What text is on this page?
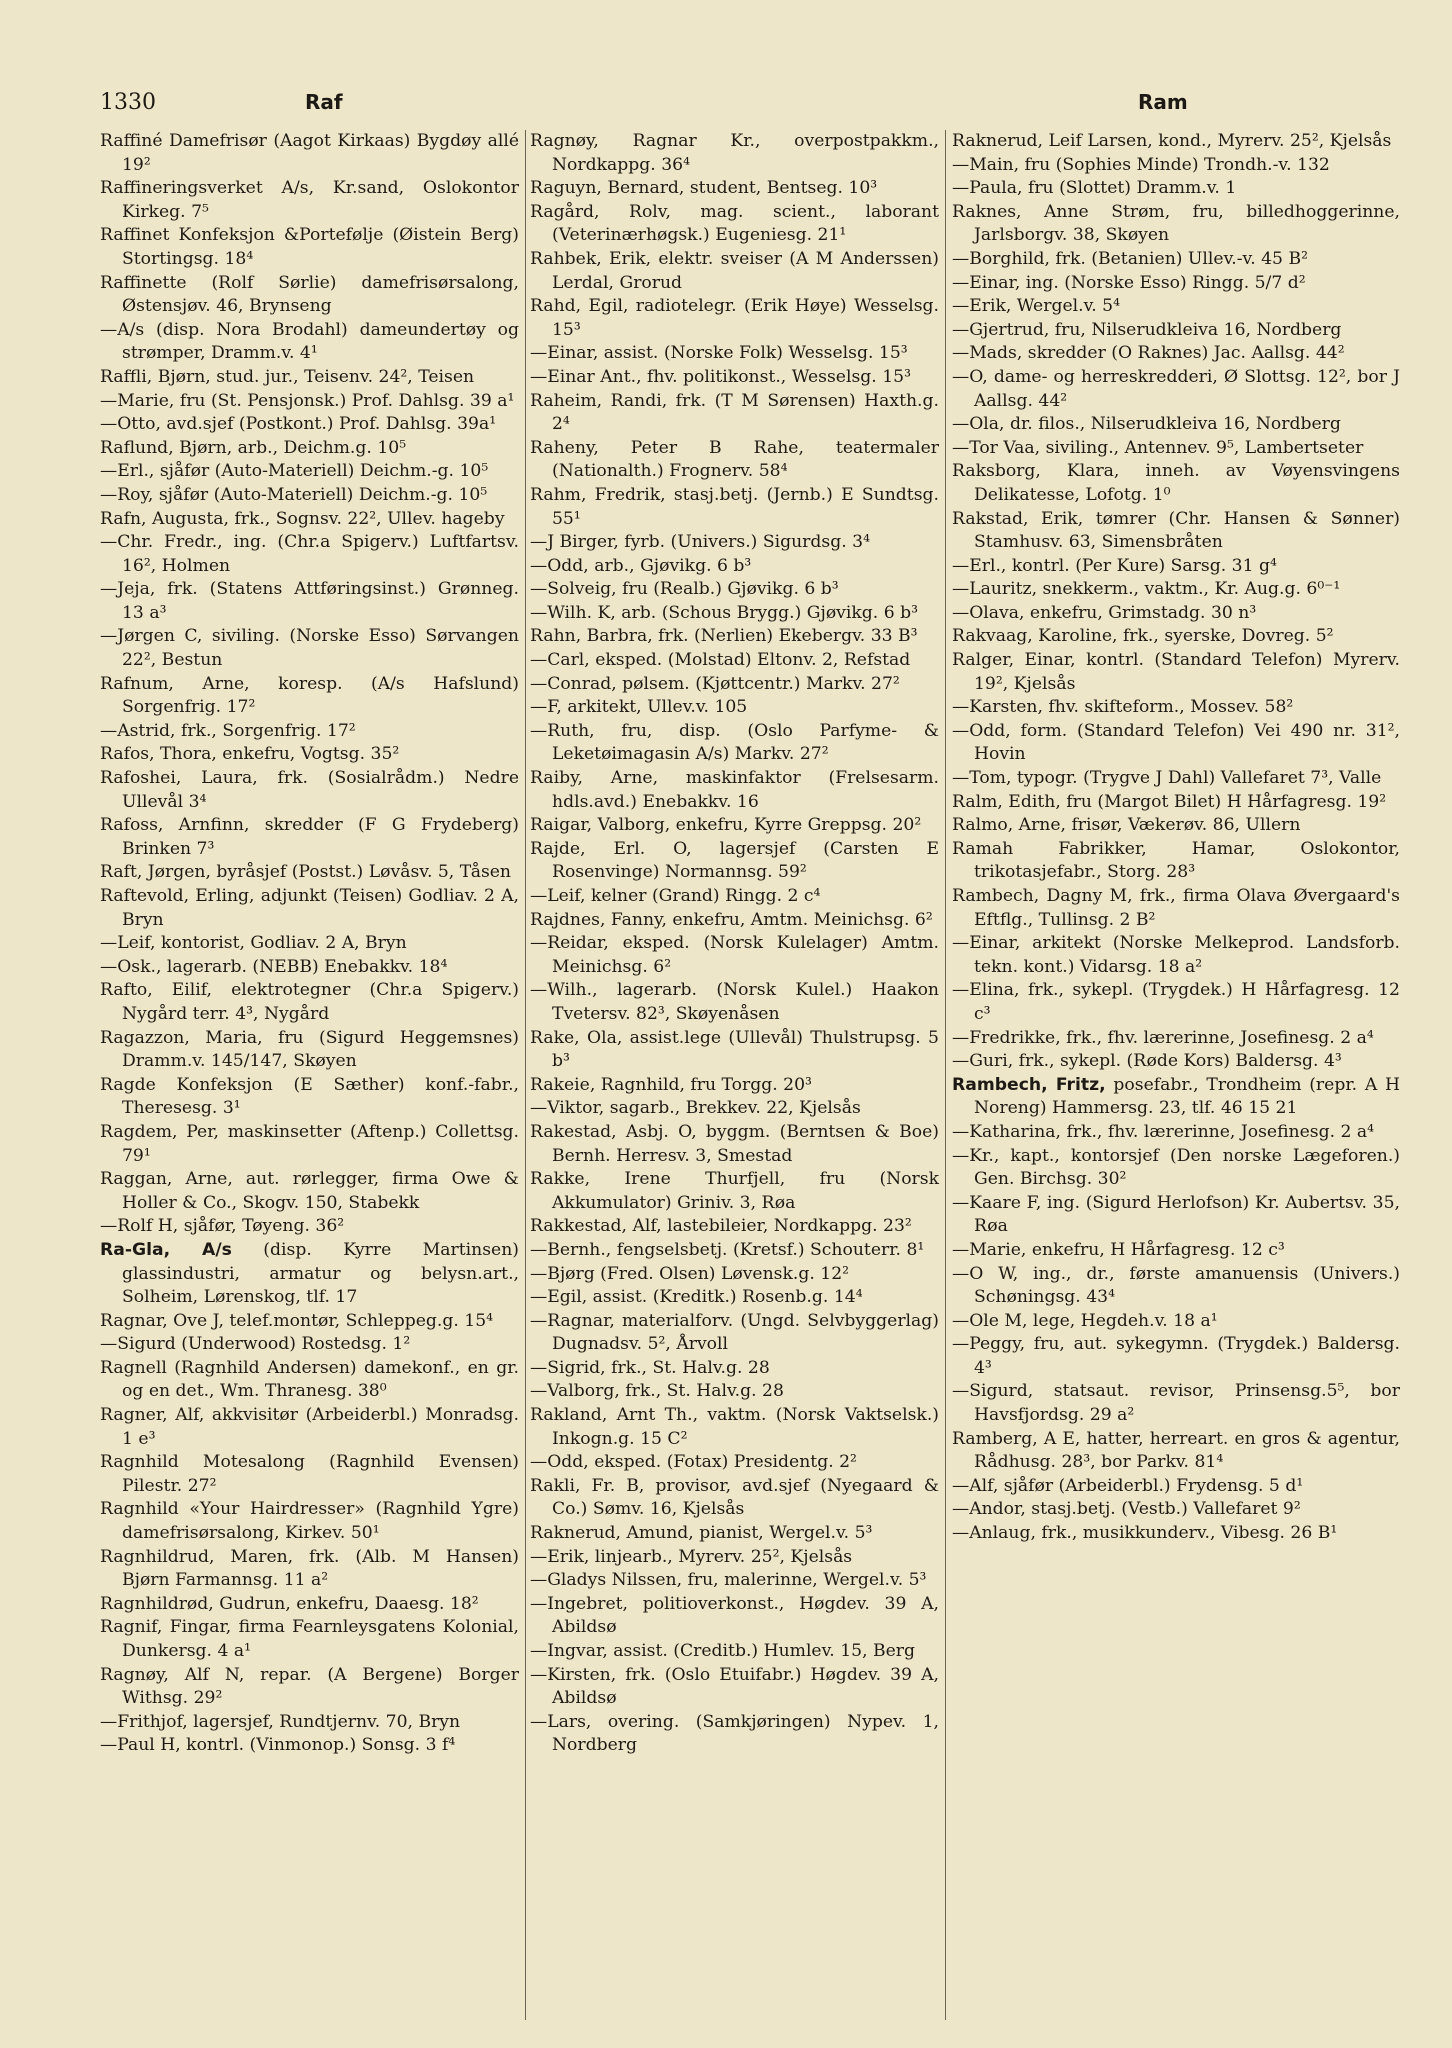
1330	Raf	Ram
Raffiné Damefrisør (Aagot Kirkaas) Bygdøy allé 19²
Raffineringsverket A/s, Kr.sand, Oslokontor Kirkeg. 7⁵
Raffinet Konfeksjon &Portefølje (Øistein Berg) Stortingsg. 18⁴
Raffinette (Rolf Sørlie) damefrisørsalong, Østensjøv. 46, Brynseng
—A/s (disp. Nora Brodahl) dameundertøy og strømper, Dramm.v. 4¹
Raffli, Bjørn, stud. jur., Teisenv. 24², Teisen
—Marie, fru (St. Pensjonsk.) Prof. Dahlsg. 39 a¹
—Otto, avd.sjef (Postkont.) Prof. Dahlsg. 39a¹
Raflund, Bjørn, arb., Deichm.g. 10⁵
—Erl., sjåfør (Auto-Materiell) Deichm.-g. 10⁵
—Roy, sjåfør (Auto-Materiell) Deichm.-g. 10⁵
Rafn, Augusta, frk., Sognsv. 22², Ullev. hageby
—Chr. Fredr., ing. (Chr.a Spigerv.) Luftfartsv. 16², Holmen
—Jeja, frk. (Statens Attføringsinst.) Grønneg. 13 a³
—Jørgen C, siviling. (Norske Esso) Sørvangen 22², Bestun
Rafnum, Arne, koresp. (A/s Hafslund) Sorgenfrig. 17²
—Astrid, frk., Sorgenfrig. 17²
Rafos, Thora, enkefru, Vogtsg. 35²
Rafoshei, Laura, frk. (Sosialrådm.) Nedre Ullevål 3⁴
Rafoss, Arnfinn, skredder (F G Frydeberg) Brinken 7³
Raft, Jørgen, byråsjef (Postst.) Løvåsv. 5, Tåsen
Raftevold, Erling, adjunkt (Teisen) Godliav. 2 A, Bryn
—Leif, kontorist, Godliav. 2 A, Bryn
—Osk., lagerarb. (NEBB) Enebakkv. 18⁴
Rafto, Eilif, elektrotegner (Chr.a Spigerv.) Nygård terr. 4³, Nygård
Ragazzon, Maria, fru (Sigurd Heggemsnes) Dramm.v. 145/147, Skøyen
Ragde Konfeksjon (E Sæther) konf.-fabr., Theresesg. 3¹
Ragdem, Per, maskinsetter (Aftenp.) Collettsg. 79¹
Raggan, Arne, aut. rørlegger, firma Owe & Holler & Co., Skogv. 150, Stabekk
—Rolf H, sjåfør, Tøyeng. 36²
Ra-Gla, A/s (disp. Kyrre Martinsen) glassindustri, armatur og belysn.art., Solheim, Lørenskog, tlf. 17
Ragnar, Ove J, telef.montør, Schleppeg.g. 15⁴
—Sigurd (Underwood) Rostedsg. 1²
Ragnell (Ragnhild Andersen) damekonf., en gr. og en det., Wm. Thranesg. 38⁰
Ragner, Alf, akkvisitør (Arbeiderbl.) Monradsg. 1 e³
Ragnhild Motesalong (Ragnhild Evensen) Pilestr. 27²
Ragnhild «Your Hairdresser» (Ragnhild Ygre) damefrisørsalong, Kirkev. 50¹
Ragnhildrud, Maren, frk. (Alb. M Hansen) Bjørn Farmannsg. 11 a²
Ragnhildrød, Gudrun, enkefru, Daaesg. 18²
Ragnif, Fingar, firma Fearnleysgatens Kolonial, Dunkersg. 4 a¹
Ragnøy, Alf N, repar. (A Bergene) Borger Withsg. 29²
—Frithjof, lagersjef, Rundtjernv. 70, Bryn
—Paul H, kontrl. (Vinmonop.) Sonsg. 3 f⁴
Ragnøy, Ragnar Kr., overpostpakkm., Nordkappg. 36⁴
Raguyn, Bernard, student, Bentseg. 10³
Ragård, Rolv, mag. scient., laborant (Veterinærhøgsk.) Eugeniesg. 21¹
Rahbek, Erik, elektr. sveiser (A M Anderssen) Lerdal, Grorud
Rahd, Egil, radiotelegr. (Erik Høye) Wesselsg. 15³
—Einar, assist. (Norske Folk) Wesselsg. 15³
—Einar Ant., fhv. politikonst., Wesselsg. 15³
Raheim, Randi, frk. (T M Sørensen) Haxth.g. 2⁴
Raheny, Peter B Rahe, teatermaler (Nationalth.) Frognerv. 58⁴
Rahm, Fredrik, stasj.betj. (Jernb.) E Sundtsg. 55¹
—J Birger, fyrb. (Univers.) Sigurdsg. 3⁴
—Odd, arb., Gjøvikg. 6 b³
—Solveig, fru (Realb.) Gjøvikg. 6 b³
—Wilh. K, arb. (Schous Brygg.) Gjøvikg. 6 b³
Rahn, Barbra, frk. (Nerlien) Ekebergv. 33 B³
—Carl, eksped. (Molstad) Eltonv. 2, Refstad
—Conrad, pølsem. (Kjøttcentr.) Markv. 27²
—F, arkitekt, Ullev.v. 105
—Ruth, fru, disp. (Oslo Parfyme- & Leketøimagasin A/s) Markv. 27²
Raiby, Arne, maskinfaktor (Frelsesarm. hdls.avd.) Enebakkv. 16
Raigar, Valborg, enkefru, Kyrre Greppsg. 20²
Rajde, Erl. O, lagersjef (Carsten E Rosenvinge) Normannsg. 59²
—Leif, kelner (Grand) Ringg. 2 c⁴
Rajdnes, Fanny, enkefru, Amtm. Meinichsg. 6²
—Reidar, eksped. (Norsk Kulelager) Amtm. Meinichsg. 6²
—Wilh., lagerarb. (Norsk Kulel.) Haakon Tvetersv. 82³, Skøyenåsen
Rake, Ola, assist.lege (Ullevål) Thulstrupsg. 5 b³
Rakeie, Ragnhild, fru Torgg. 20³
—Viktor, sagarb., Brekkev. 22, Kjelsås
Rakestad, Asbj. O, byggm. (Berntsen & Boe) Bernh. Herresv. 3, Smestad
Rakke, Irene Thurfjell, fru (Norsk Akkumulator) Griniv. 3, Røa
Rakkestad, Alf, lastebileier, Nordkappg. 23²
—Bernh., fengselsbetj. (Kretsf.) Schouterr. 8¹
—Bjørg (Fred. Olsen) Løvensk.g. 12²
—Egil, assist. (Kreditk.) Rosenb.g. 14⁴
—Ragnar, materialforv. (Ungd. Selvbyggerlag) Dugnadsv. 5², Årvoll
—Sigrid, frk., St. Halv.g. 28
—Valborg, frk., St. Halv.g. 28
Rakland, Arnt Th., vaktm. (Norsk Vaktselsk.) Inkogn.g. 15 C²
—Odd, eksped. (Fotax) Presidentg. 2²
Rakli, Fr. B, provisor, avd.sjef (Nyegaard & Co.) Sømv. 16, Kjelsås
Raknerud, Amund, pianist, Wergel.v. 5³
—Erik, linjearb., Myrerv. 25², Kjelsås
—Gladys Nilssen, fru, malerinne, Wergel.v. 5³
—Ingebret, politioverkonst., Høgdev. 39 A, Abildsø
—Ingvar, assist. (Creditb.) Humlev. 15, Berg
—Kirsten, frk. (Oslo Etuifabr.) Høgdev. 39 A, Abildsø
—Lars, overing. (Samkjøringen) Nypev. 1, Nordberg
Raknerud, Leif Larsen, kond., Myrerv. 25², Kjelsås
—Main, fru (Sophies Minde) Trondh.-v. 132
—Paula, fru (Slottet) Dramm.v. 1
Raknes, Anne Strøm, fru, billedhoggerinne, Jarlsborgv. 38, Skøyen
—Borghild, frk. (Betanien) Ullev.-v. 45 B²
—Einar, ing. (Norske Esso) Ringg. 5/7 d²
—Erik, Wergel.v. 5⁴
—Gjertrud, fru, Nilserudkleiva 16, Nordberg
—Mads, skredder (O Raknes) Jac. Aallsg. 44²
—O, dame- og herreskredderi, Ø Slottsg. 12², bor J Aallsg. 44²
—Ola, dr. filos., Nilserudkleiva 16, Nordberg
—Tor Vaa, siviling., Antennev. 9⁵, Lambertseter
Raksborg, Klara, inneh. av Vøyensvingens Delikatesse, Lofotg. 1⁰
Rakstad, Erik, tømrer (Chr. Hansen & Sønner) Stamhusv. 63, Simensbråten
—Erl., kontrl. (Per Kure) Sarsg. 31 g⁴
—Lauritz, snekkerm., vaktm., Kr. Aug.g. 6⁰⁻¹
—Olava, enkefru, Grimstadg. 30 n³
Rakvaag, Karoline, frk., syerske, Dovreg. 5²
Ralger, Einar, kontrl. (Standard Telefon) Myrerv. 19², Kjelsås
—Karsten, fhv. skifteform., Mossev. 58²
—Odd, form. (Standard Telefon) Vei 490 nr. 31², Hovin
—Tom, typogr. (Trygve J Dahl) Vallefaret 7³, Valle
Ralm, Edith, fru (Margot Bilet) H Hårfagresg. 19²
Ralmo, Arne, frisør, Vækerøv. 86, Ullern
Ramah Fabrikker, Hamar, Oslokontor, trikotasjefabr., Storg. 28³
Rambech, Dagny M, frk., firma Olava Øvergaard's Eftflg., Tullinsg. 2 B²
—Einar, arkitekt (Norske Melkeprod. Landsforb. tekn. kont.) Vidarsg. 18 a²
—Elina, frk., sykepl. (Trygdek.) H Hårfagresg. 12 c³
—Fredrikke, frk., fhv. lærerinne, Josefinesg. 2 a⁴
—Guri, frk., sykepl. (Røde Kors) Baldersg. 4³
Rambech, Fritz, posefabr., Trondheim (repr. A H Noreng) Hammersg. 23, tlf. 46 15 21
—Katharina, frk., fhv. lærerinne, Josefinesg. 2 a⁴
—Kr., kapt., kontorsjef (Den norske Lægeforen.) Gen. Birchsg. 30²
—Kaare F, ing. (Sigurd Herlofson) Kr. Aubertsv. 35, Røa
—Marie, enkefru, H Hårfagresg. 12 c³
—O W, ing., dr., første amanuensis (Univers.) Schøningsg. 43⁴
—Ole M, lege, Hegdeh.v. 18 a¹
—Peggy, fru, aut. sykegymn. (Trygdek.) Baldersg. 4³
—Sigurd, statsaut. revisor, Prinsensg.5⁵, bor Havsfjordsg. 29 a²
Ramberg, A E, hatter, herreart. en gros & agentur, Rådhusg. 28³, bor Parkv. 81⁴
—Alf, sjåfør (Arbeiderbl.) Frydensg. 5 d¹
—Andor, stasj.betj. (Vestb.) Vallefaret 9²
—Anlaug, frk., musikkunderv., Vibesg. 26 B¹
